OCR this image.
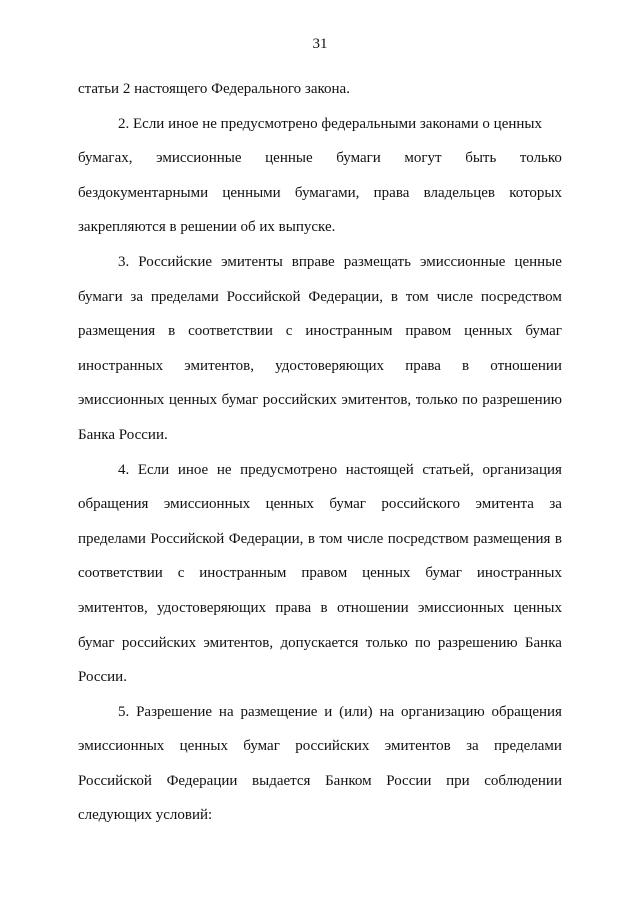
31
статьи 2 настоящего Федерального закона.
2. Если иное не предусмотрено федеральными законами о ценных
бумагах, эмиссионные ценные бумаги могут быть только
бездокументарными ценными бумагами, права владельцев которых
закрепляются в решении об их выпуске.
3. Российские эмитенты вправе размещать эмиссионные ценные
бумаги за пределами Российской Федерации, в том числе посредством
размещения в соответствии с иностранным правом ценных бумаг
иностранных эмитентов, удостоверяющих права в отношении
эмиссионных ценных бумаг российских эмитентов, только по разрешению
Банка России.
4. Если иное не предусмотрено настоящей статьей, организация
обращения эмиссионных ценных бумаг российского эмитента за
пределами Российской Федерации, в том числе посредством размещения в
соответствии с иностранным правом ценных бумаг иностранных
эмитентов, удостоверяющих права в отношении эмиссионных ценных
бумаг российских эмитентов, допускается только по разрешению Банка
России.
5. Разрешение на размещение и (или) на организацию обращения
эмиссионных ценных бумаг российских эмитентов за пределами
Российской Федерации выдается Банком России при соблюдении
следующих условий:
